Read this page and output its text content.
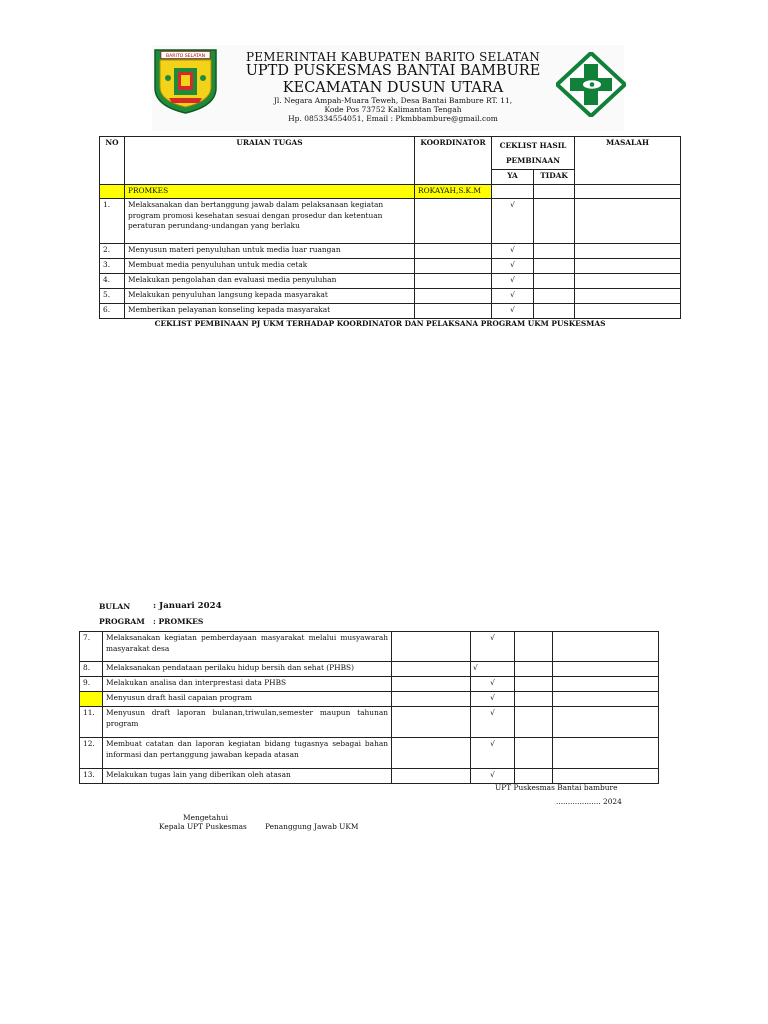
BARITO SELATAN	PEMERINTAH KABUPATEN BARITO SELATAN
UPTD PUSKESMAS BANTAI BAMBURE
KECAMATAN DUSUN UTARA
Jl. Negara Ampah-Muara Teweh, Desa Bantai Bambure RT. 11,
Kode Pos 73752 Kalimantan Tengah
Hp. 085334554051, Email : Pkmbbambure@gmail.com
NO	URAIAN TUGAS	KOORDINATOR	CEKLIST HASIL PEMBINAAN		MASALAH
			YA	TIDAK	
	PROMKES	ROKAYAH,S.K.M			
1.	Melaksanakan dan bertanggung jawab dalam pelaksanaan kegiatan program promosi kesehatan sesuai dengan prosedur dan ketentuan peraturan perundang-undangan yang berlaku		√		
2.	Menyusun materi penyuluhan untuk media luar ruangan		√		
3.	Membuat media penyuluhan untuk media cetak		√		
4.	Melakukan pengolahan dan evaluasi media penyuluhan		√		
5.	Melakukan penyuluhan langsung kepada masyarakat		√		
6.	Memberikan pelayanan konseling kepada masyarakat		√		
CEKLIST PEMBINAAN PJ UKM TERHADAP KOORDINATOR DAN PELAKSANA PROGRAM UKM PUSKESMAS
BULAN	: Januari 2024
PROGRAM : PROMKES
7.	Melaksanakan kegiatan pemberdayaan masyarakat melalui musyawarah masyarakat desa		√		
8.	Melaksanakan pendataan perilaku hidup bersih dan sehat (PHBS)		√		
9.	Melakukan analisa dan interprestasi data PHBS		√		
	Menyusun draft hasil capaian program		√		
11.	Menyusun draft laporan bulanan,triwulan,semester maupun tahunan program		√		
12.	Membuat catatan dan laporan kegiatan bidang tugasnya sebagai bahan informasi dan pertanggung jawaban kepada atasan		√		
13.	Melakukan tugas lain yang diberikan oleh atasan		√		
UPT Puskesmas Bantai bambure
................... 2024
Mengetahui
Kepala UPT Puskesmas Penanggung Jawab UKM
